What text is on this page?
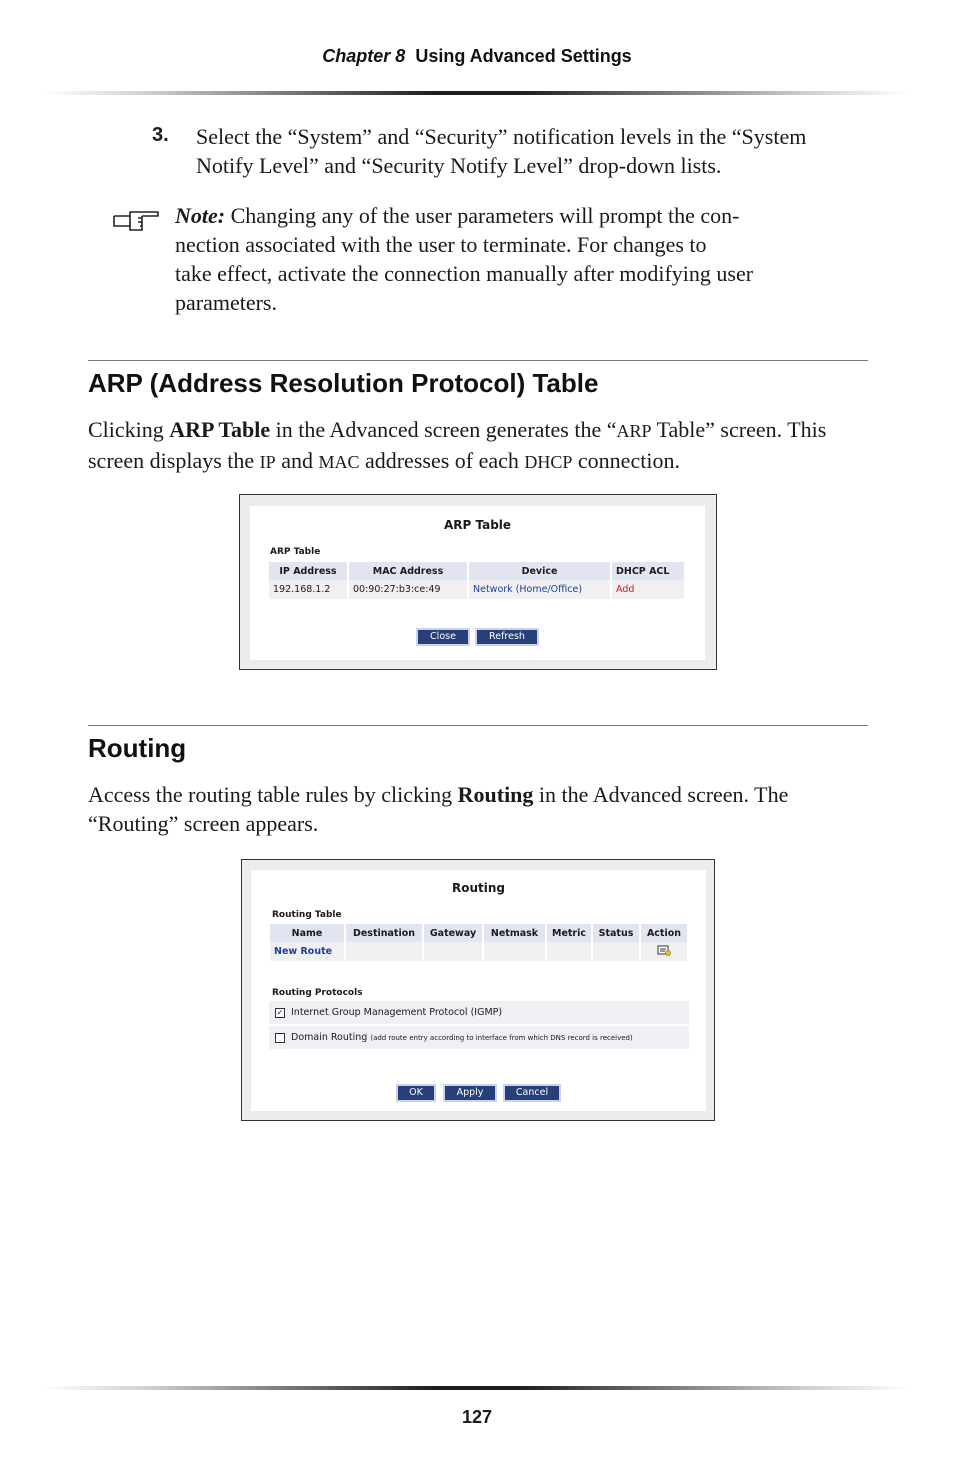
Chapter 8 Using Advanced Settings
3. Select the “System” and “Security” notification levels in the “System
Notify Level” and “Security Notify Level” drop-down lists.
Note: Changing any of the user parameters will prompt the con-
nection associated with the user to terminate. For changes to
take effect, activate the connection manually after modifying user
parameters.
ARP (Address Resolution Protocol) Table
Clicking ARP Table in the Advanced screen generates the “ARP Table” screen. This
screen displays the IP and MAC addresses of each DHCP connection.
ARP Table
ARP Table
IP Address	MAC Address	Device	DHCP ACL
192.168.1.2	00:90:27:b3:ce:49	Network (Home/Office)	Add
Close	Refresh
Routing
Access the routing table rules by clicking Routing in the Advanced screen. The
“Routing” screen appears.
Routing
Routing Table
Name	Destination	Gateway	Netmask	Metric	Status	Action
New Route						
Routing Protocols
✓ Internet Group Management Protocol (IGMP)
Domain Routing (add route entry according to interface from which DNS record is received)
OK	Apply	Cancel
127
